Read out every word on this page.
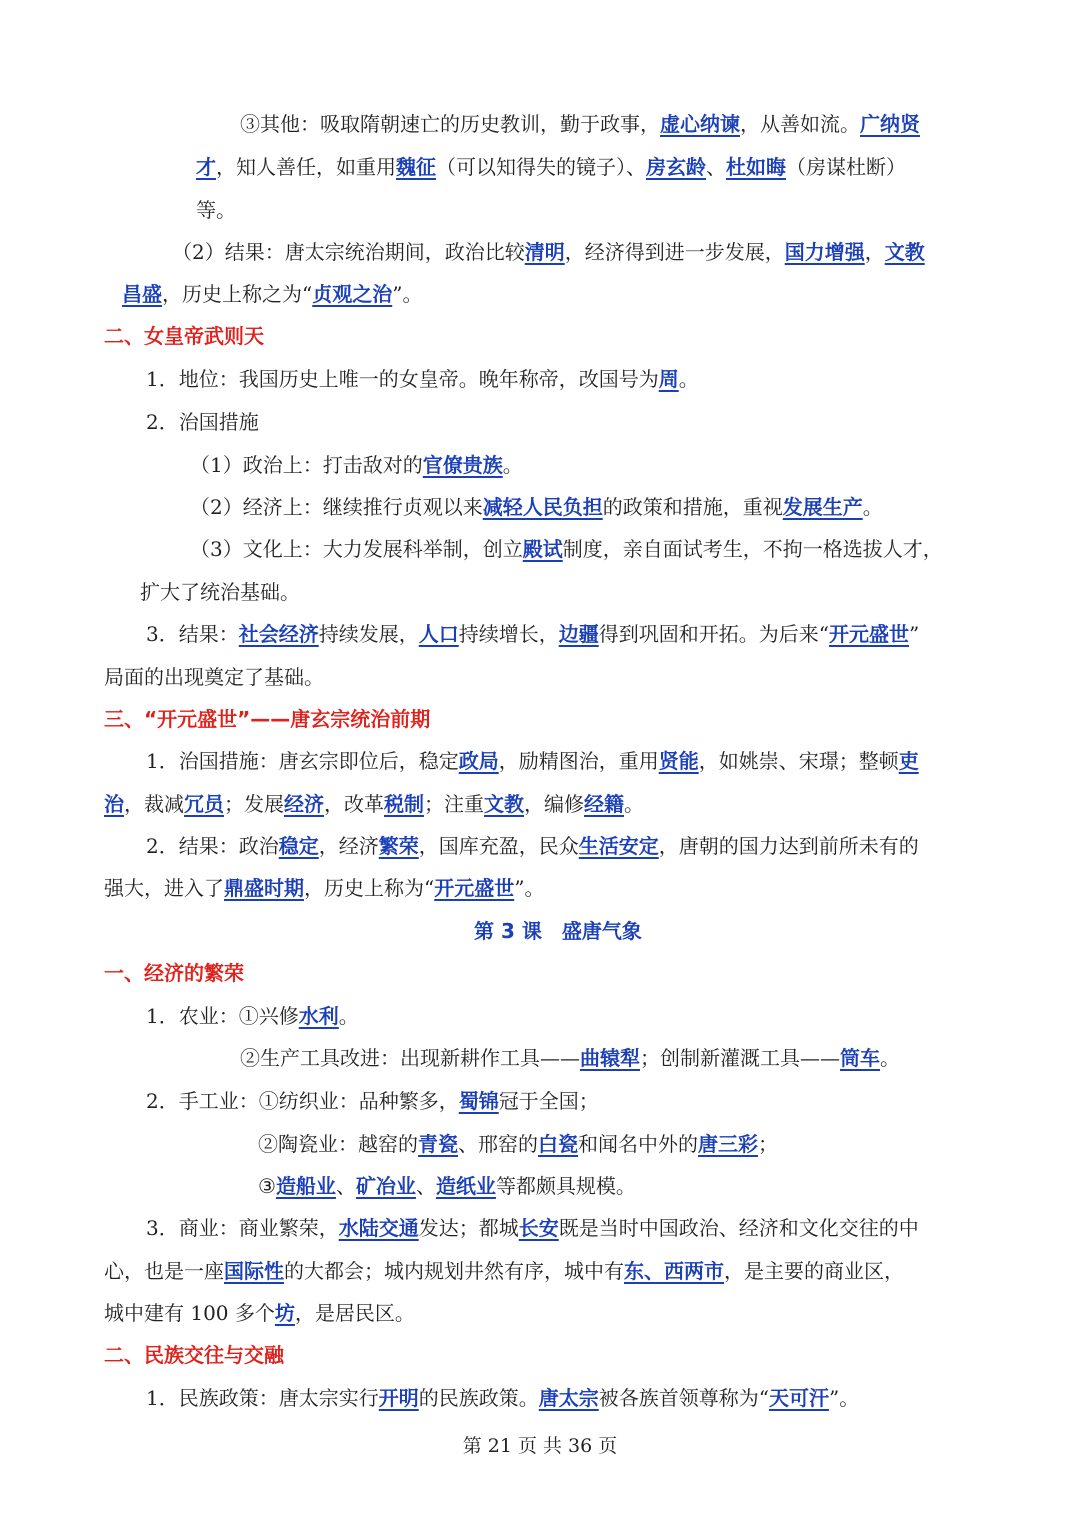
③其他：吸取隋朝速亡的历史教训，勤于政事，虚心纳谏，从善如流。广纳贤
才，知人善任，如重用魏征（可以知得失的镜子）、房玄龄、杜如晦（房谋杜断）
等。
（2）结果：唐太宗统治期间，政治比较清明，经济得到进一步发展，国力增强，文教
昌盛，历史上称之为“贞观之治”。
二、女皇帝武则天
1．地位：我国历史上唯一的女皇帝。晚年称帝，改国号为周。
2．治国措施
（1）政治上：打击敌对的官僚贵族。
（2）经济上：继续推行贞观以来减轻人民负担的政策和措施，重视发展生产。
（3）文化上：大力发展科举制，创立殿试制度，亲自面试考生，不拘一格选拔人才，
扩大了统治基础。
3．结果：社会经济持续发展，人口持续增长，边疆得到巩固和开拓。为后来“开元盛世”
局面的出现奠定了基础。
三、“开元盛世”——唐玄宗统治前期
1．治国措施：唐玄宗即位后，稳定政局，励精图治，重用贤能，如姚崇、宋璟；整顿吏
治，裁减冗员；发展经济，改革税制；注重文教，编修经籍。
2．结果：政治稳定，经济繁荣，国库充盈，民众生活安定，唐朝的国力达到前所未有的
强大，进入了鼎盛时期，历史上称为“开元盛世”。
第 3 课　盛唐气象
一、经济的繁荣
1．农业：①兴修水利。
②生产工具改进：出现新耕作工具——曲辕犁；创制新灌溉工具——筒车。
2．手工业：①纺织业：品种繁多，蜀锦冠于全国；
②陶瓷业：越窑的青瓷、邢窑的白瓷和闻名中外的唐三彩；
③造船业、矿冶业、造纸业等都颇具规模。
3．商业：商业繁荣，水陆交通发达；都城长安既是当时中国政治、经济和文化交往的中
心，也是一座国际性的大都会；城内规划井然有序，城中有东、西两市，是主要的商业区，
城中建有 100 多个坊，是居民区。
二、民族交往与交融
1．民族政策：唐太宗实行开明的民族政策。唐太宗被各族首领尊称为“天可汗”。
第 21 页 共 36 页
